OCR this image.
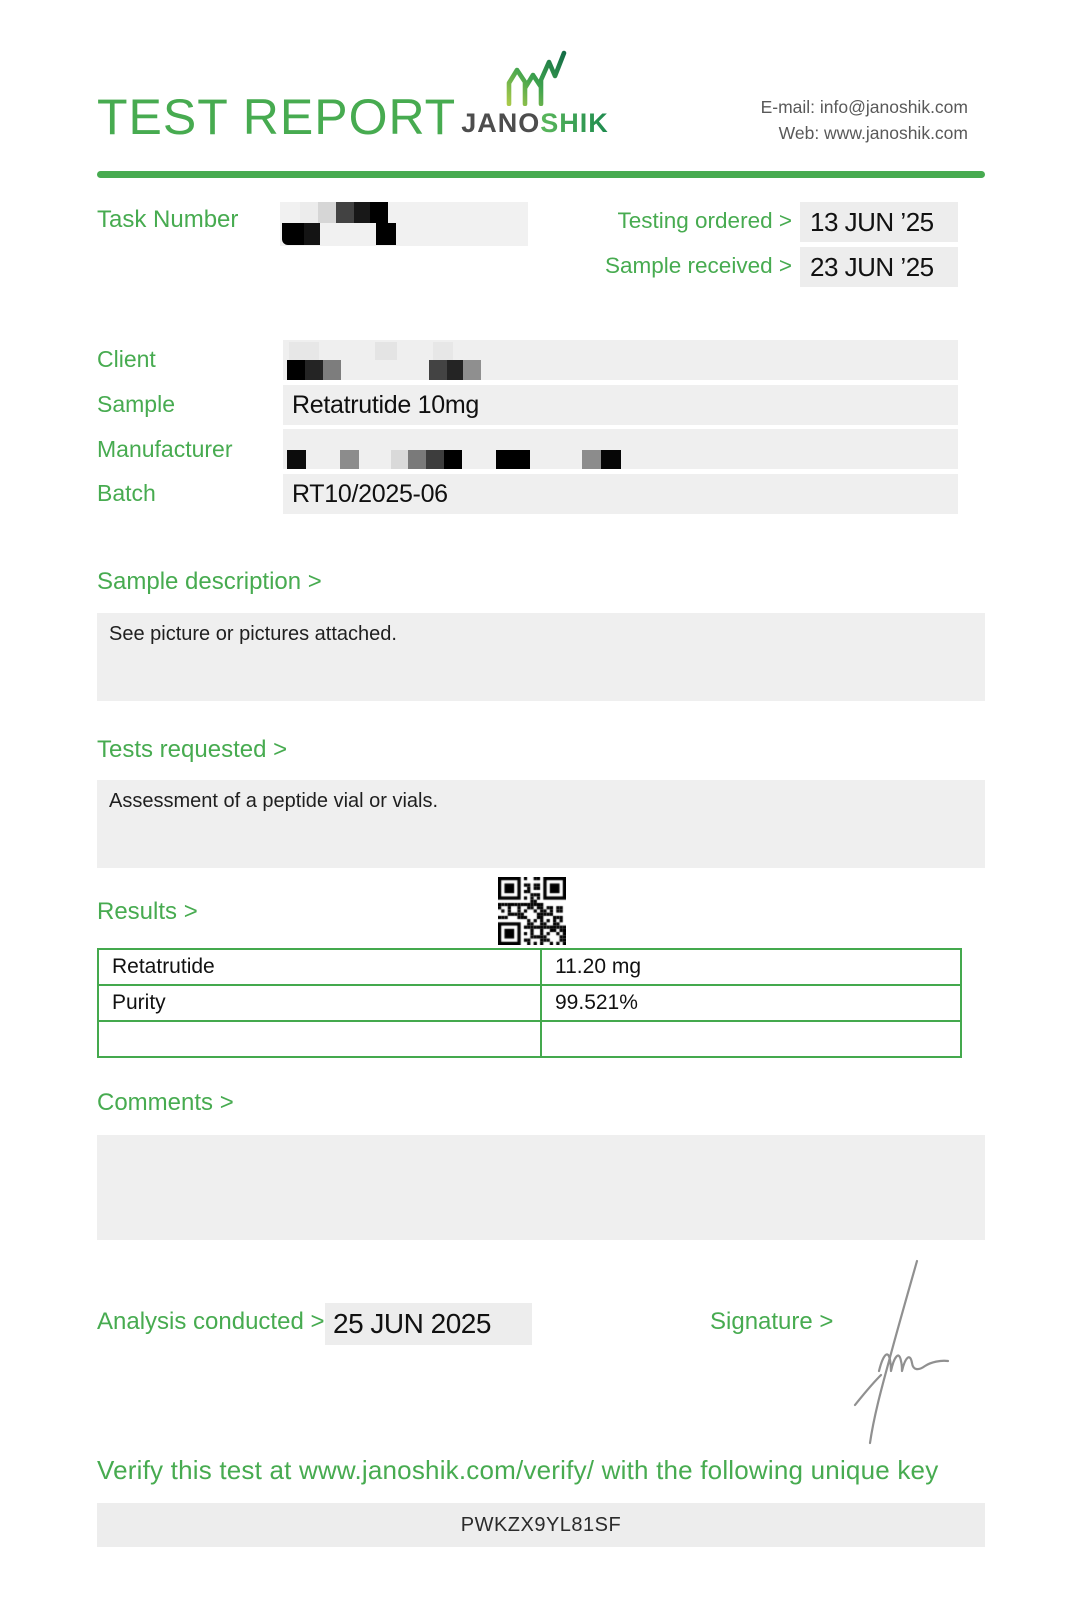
TEST REPORT JANOSHIK
E-mail: info@janoshik.com
Web: www.janoshik.com
Task Number	Testing ordered > 13 JUN ’25
Sample received > 23 JUN ’25
Client
Sample	Retatrutide 10mg
Manufacturer
Batch	RT10/2025-06
Sample description >
See picture or pictures attached.
Tests requested >
Assessment of a peptide vial or vials.
Results >
Retatrutide	11.20 mg
Purity	99.521%

Comments >
Analysis conducted > 25 JUN 2025	Signature >
Verify this test at www.janoshik.com/verify/ with the following unique key
PWKZX9YL81SF
